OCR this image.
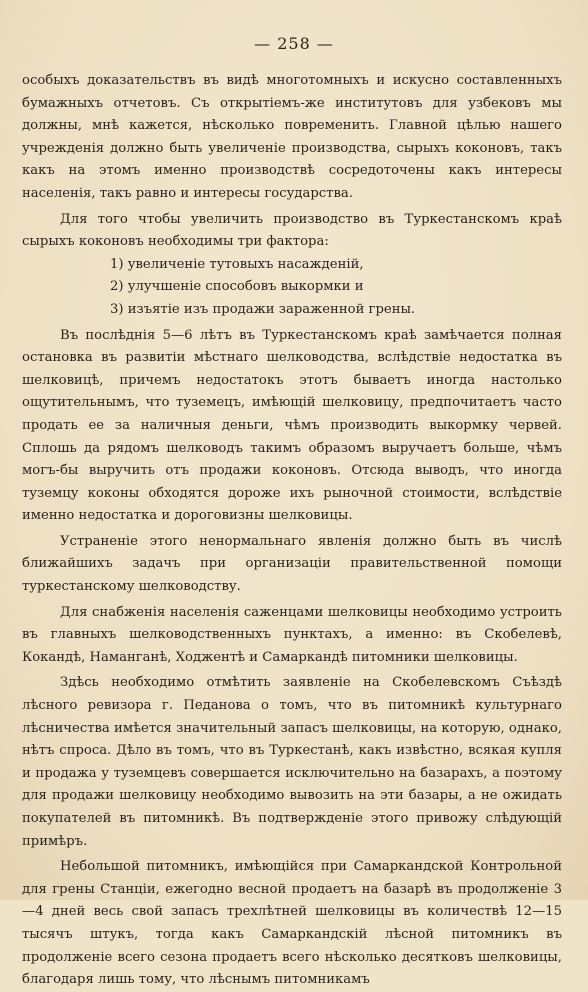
— 258 —

особыхъ доказательствъ въ видѣ многотомныхъ и искусно составленныхъ бумажныхъ отчетовъ. Съ открытіемъ-же институтовъ для узбековъ мы должны, мнѣ кажется, нѣсколько повременить. Главной цѣлью нашего учрежденія должно быть увеличеніе производства, сырыхъ коконовъ, такъ какъ на этомъ именно производствѣ сосредоточены какъ интересы населенія, такъ равно и интересы государства.

Для того чтобы увеличить производство въ Туркестанскомъ краѣ сырыхъ коконовъ необходимы три фактора:

1) увеличеніе тутовыхъ насажденій,

2) улучшеніе способовъ выкормки и

3) изъятіе изъ продажи зараженной грены.

Въ послѣднія 5—6 лѣтъ въ Туркестанскомъ краѣ замѣчается полная остановка въ развитіи мѣстнаго шелководства, вслѣдствіе недостатка въ шелковицѣ, причемъ недостатокъ этотъ бываетъ иногда настолько ощутительнымъ, что туземецъ, имѣющій шелковицу, предпочитаетъ часто продать ее за наличныя деньги, чѣмъ производить выкормку червей. Сплошь да рядомъ шелководъ такимъ образомъ выручаетъ больше, чѣмъ могъ-бы выручить отъ продажи коконовъ. Отсюда выводъ, что иногда туземцу коконы обходятся дороже ихъ рыночной стоимости, вслѣдствіе именно недостатка и дороговизны шелковицы.

Устраненіе этого ненормальнаго явленія должно быть въ числѣ ближайшихъ задачъ при организаціи правительственной помощи туркестанскому шелководству.

Для снабженія населенія саженцами шелковицы необходимо устроить въ главныхъ шелководственныхъ пунктахъ, а именно: въ Скобелевѣ, Кокандѣ, Наманганѣ, Ходжентѣ и Самаркандѣ питомники шелковицы.

Здѣсь необходимо отмѣтить заявленіе на Скобелевскомъ Съѣздѣ лѣсного ревизора г. Педанова о томъ, что въ питомникѣ культурнаго лѣсничества имѣется значительный запасъ шелковицы, на которую, однако, нѣтъ спроса. Дѣло въ томъ, что въ Туркестанѣ, какъ извѣстно, всякая купля и продажа у туземцевъ совершается исключительно на базарахъ, а поэтому для продажи шелковицу необходимо вывозить на эти базары, а не ожидать покупателей въ питомникѣ. Въ подтвержденіе этого привожу слѣдующій примѣръ.

Небольшой питомникъ, имѣющійся при Самаркандской Контрольной для грены Станціи, ежегодно весной продаетъ на базарѣ въ продолженіе 3—4 дней весь свой запасъ трехлѣтней шелковицы въ количествѣ 12—15 тысячъ штукъ, тогда какъ Самаркандскій лѣсной питомникъ въ продолженіе всего сезона продаетъ всего нѣсколько десятковъ шелковицы, благодаря лишь тому, что лѣснымъ питомникамъ
